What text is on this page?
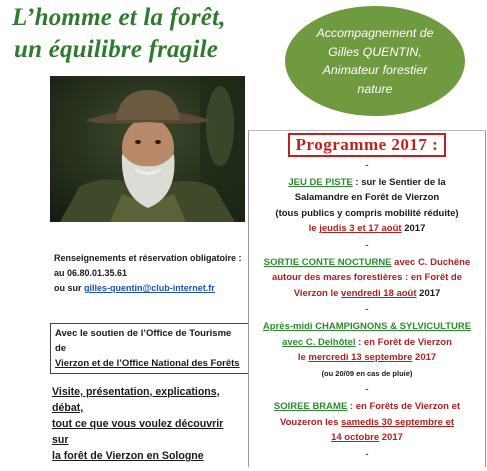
L’homme et la forêt,
un équilibre fragile
Accompagnement de
Gilles QUENTIN,
Animateur forestier
nature
Renseignements et réservation obligatoire :
au 06.80.01.35.61
ou sur gilles-quentin@club-internet.fr
Avec le soutien de l’Office de Tourisme de
Vierzon et de l’Office National des Forêts
Visite, présentation, explications, débat,
tout ce que vous voulez découvrir sur
la forêt de Vierzon en Sologne
Programme 2017 :
-
JEU DE PISTE : sur le Sentier de la
Salamandre en Forêt de Vierzon
(tous publics y compris mobilité réduite)
le jeudis 3 et 17 août 2017
-
SORTIE CONTE NOCTURNE avec C. Duchêne
autour des mares forestières : en Forêt de
Vierzon le vendredi 18 août 2017
-
Après-midi CHAMPIGNONS & SYLVICULTURE
avec C. Delhôtel : en Forêt de Vierzon
le mercredi 13 septembre 2017
(ou 20/09 en cas de pluie)
-
SOIREE BRAME : en Forêts de Vierzon et
Vouzeron les samedis 30 septembre et
14 octobre 2017
-
